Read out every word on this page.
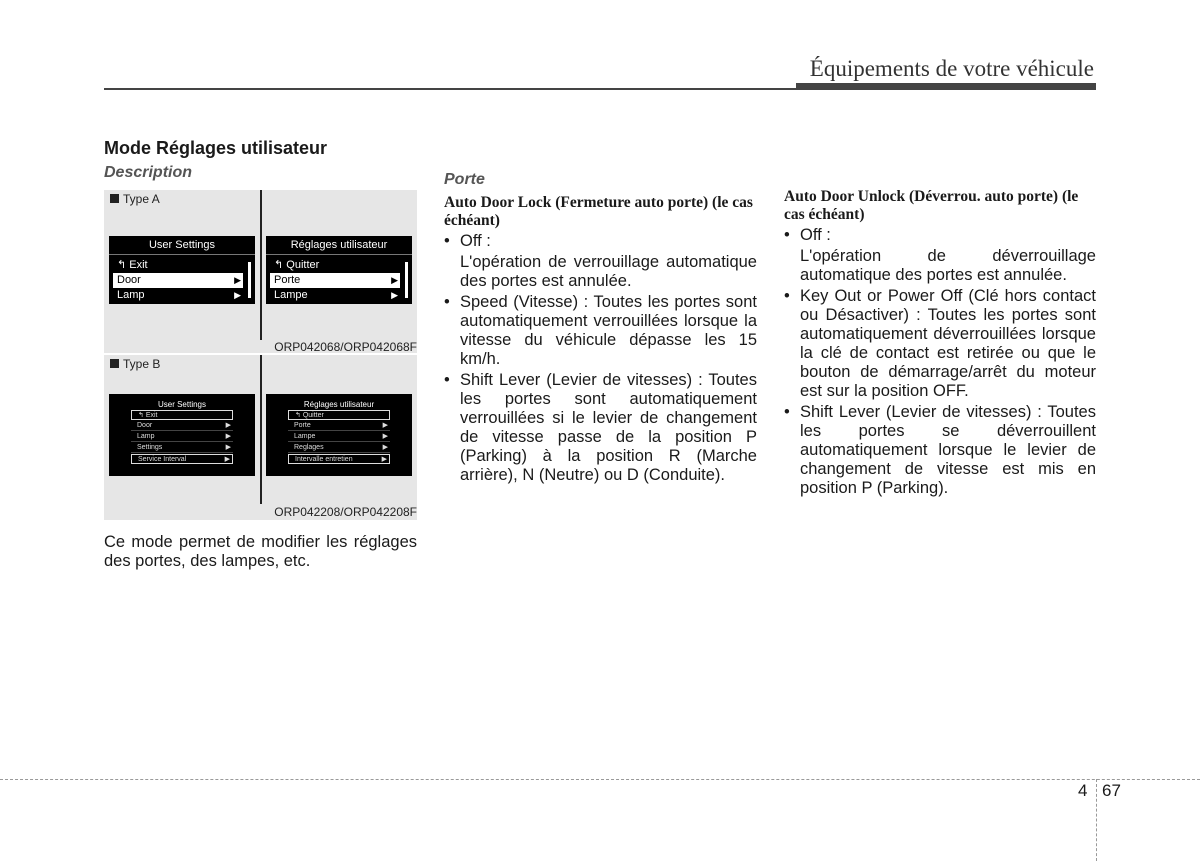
Équipements de votre véhicule
Mode Réglages utilisateur
Description
Type A
User Settings
↰ Exit
Door	▶
Lamp	▶
Réglages utilisateur
↰ Quitter
Porte	▶
Lampe	▶
ORP042068/ORP042068F
Type B
User Settings
↰ Exit
Door	▶
Lamp	▶
Settings	▶
Service Interval	▶
Réglages utilisateur
↰ Quitter
Porte	▶
Lampe	▶
Reglages	▶
Intervalle entretien	▶
ORP042208/ORP042208F
Ce mode permet de modifier les réglages des portes, des lampes, etc.
Porte
Auto Door Lock (Fermeture auto porte) (le cas échéant)
• Off :
L'opération de verrouillage automatique des portes est annulée.
• Speed (Vitesse) : Toutes les portes sont automatiquement verrouillées lorsque la vitesse du véhicule dépasse les 15 km/h.
• Shift Lever (Levier de vitesses) : Toutes les portes sont automatiquement verrouillées si le levier de changement de vitesse passe de la position P (Parking) à la position R (Marche arrière), N (Neutre) ou D (Conduite).
Auto Door Unlock (Déverrou. auto porte) (le cas échéant)
• Off :
L'opération de déverrouillage automatique des portes est annulée.
• Key Out or Power Off (Clé hors contact ou Désactiver) : Toutes les portes sont automatiquement déverrouillées lorsque la clé de contact est retirée ou que le bouton de démarrage/arrêt du moteur est sur la position OFF.
• Shift Lever (Levier de vitesses) : Toutes les portes se déverrouillent automatiquement lorsque le levier de changement de vitesse est mis en position P (Parking).
4 67
